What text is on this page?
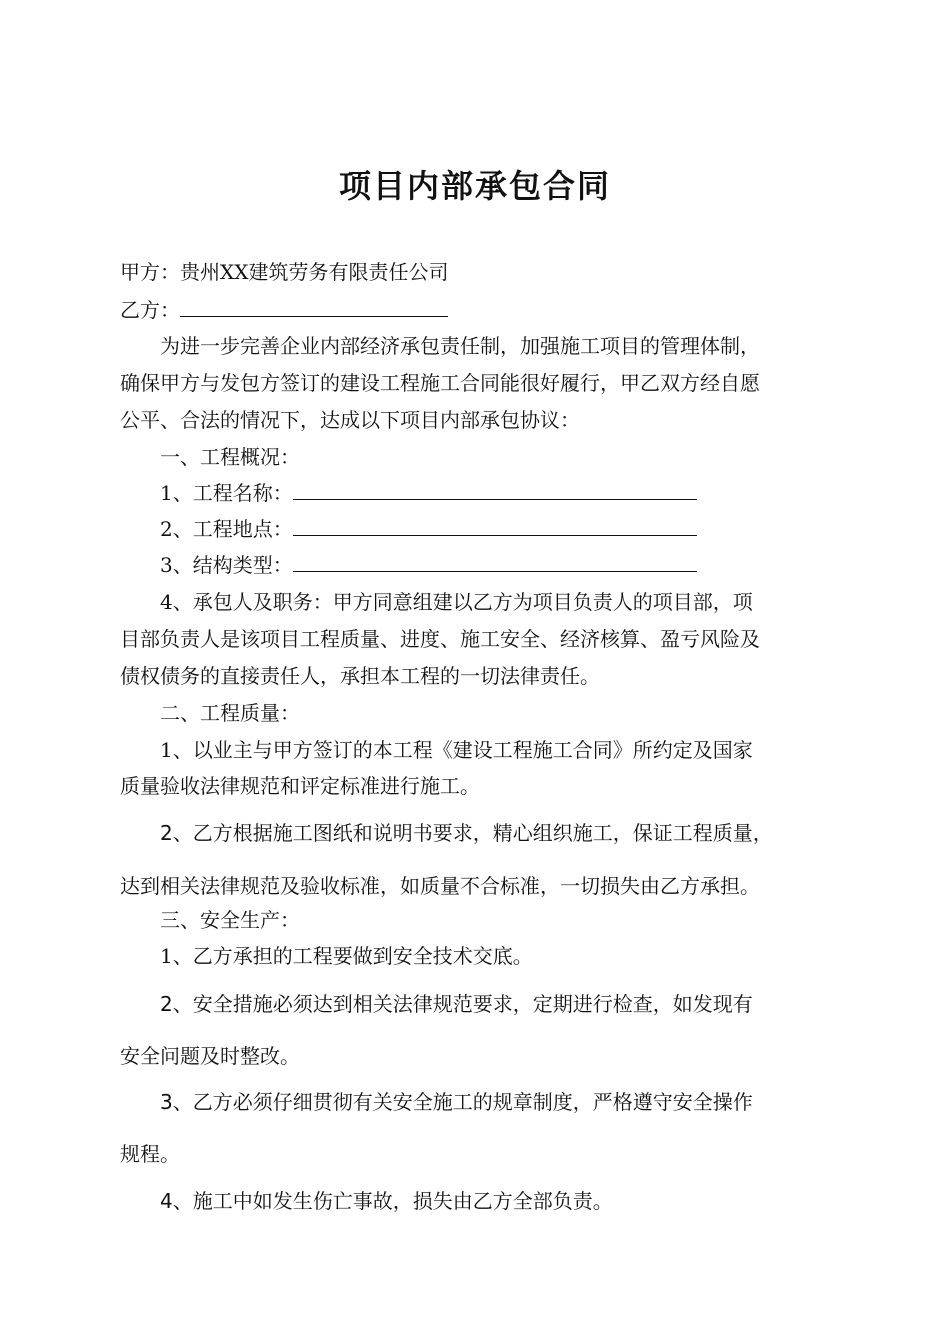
项目内部承包合同
甲方：贵州XX建筑劳务有限责任公司
乙方：
为进一步完善企业内部经济承包责任制，加强施工项目的管理体制，
确保甲方与发包方签订的建设工程施工合同能很好履行，甲乙双方经自愿
公平、合法的情况下，达成以下项目内部承包协议：
一、工程概况：
1、工程名称：
2、工程地点：
3、结构类型：
4、承包人及职务：甲方同意组建以乙方为项目负责人的项目部，项
目部负责人是该项目工程质量、进度、施工安全、经济核算、盈亏风险及
债权债务的直接责任人，承担本工程的一切法律责任。
二、工程质量：
1、以业主与甲方签订的本工程《建设工程施工合同》所约定及国家
质量验收法律规范和评定标准进行施工。
2、乙方根据施工图纸和说明书要求，精心组织施工，保证工程质量，
达到相关法律规范及验收标准，如质量不合标准，一切损失由乙方承担。
三、安全生产：
1、乙方承担的工程要做到安全技术交底。
2、安全措施必须达到相关法律规范要求，定期进行检查，如发现有
安全问题及时整改。
3、乙方必须仔细贯彻有关安全施工的规章制度，严格遵守安全操作
规程。
4、施工中如发生伤亡事故，损失由乙方全部负责。
